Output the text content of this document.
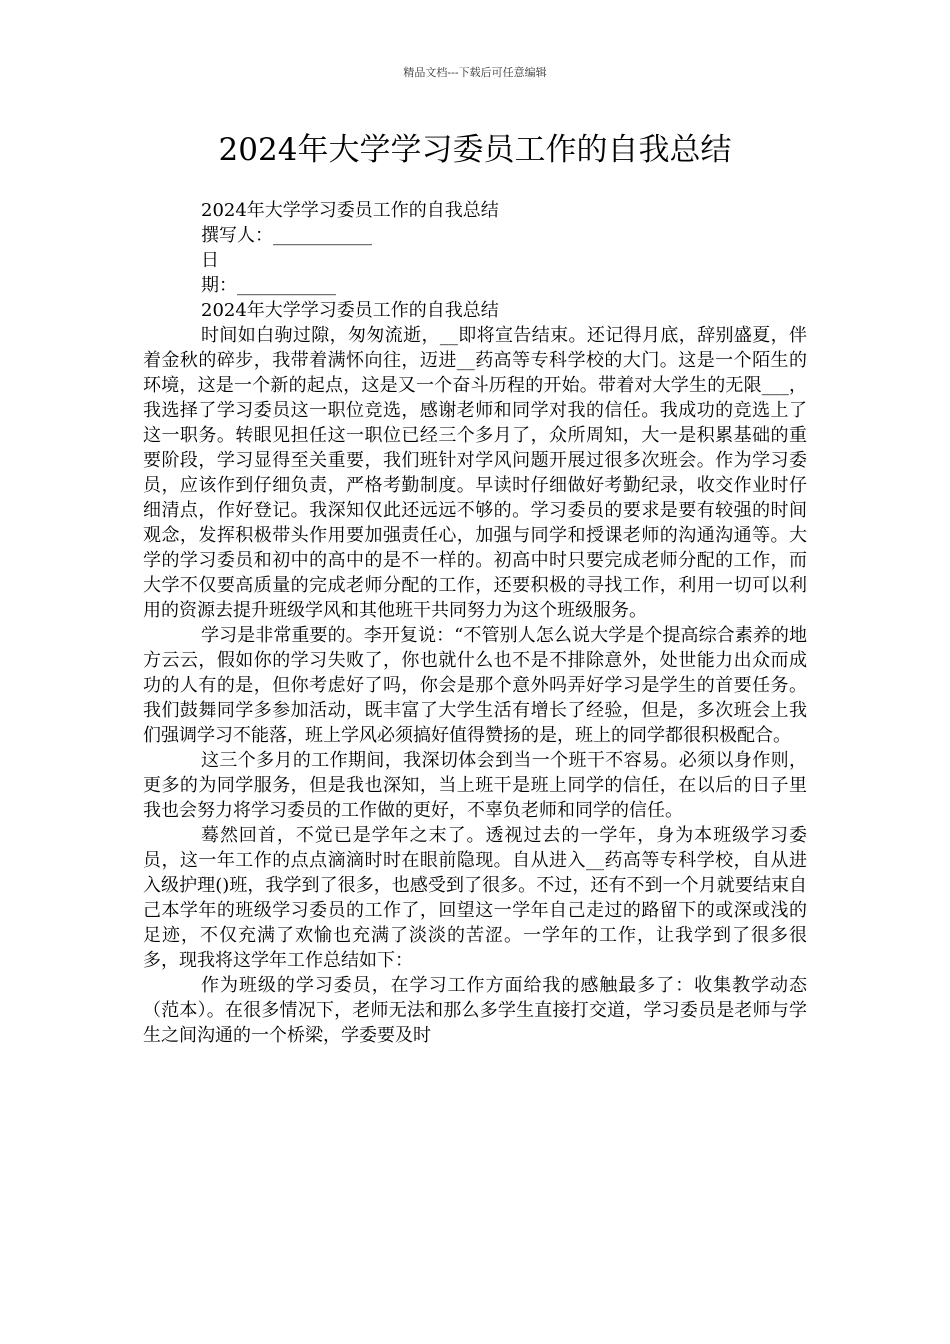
精品文档---下载后可任意编辑
2024年大学学习委员工作的自我总结
2024年大学学习委员工作的自我总结
撰写人：___________
日
期：___________
2024年大学学习委员工作的自我总结

时间如白驹过隙，匆匆流逝，__即将宣告结束。还记得月底，辞别盛夏，伴着金秋的碎步，我带着满怀向往，迈进__药高等专科学校的大门。这是一个陌生的环境，这是一个新的起点，这是又一个奋斗历程的开始。带着对大学生的无限___，我选择了学习委员这一职位竞选，感谢老师和同学对我的信任。我成功的竞选上了这一职务。转眼见担任这一职位已经三个多月了，众所周知，大一是积累基础的重要阶段，学习显得至关重要，我们班针对学风问题开展过很多次班会。作为学习委员，应该作到仔细负责，严格考勤制度。早读时仔细做好考勤纪录，收交作业时仔细清点，作好登记。我深知仅此还远远不够的。学习委员的要求是要有较强的时间观念，发挥积极带头作用要加强责任心，加强与同学和授课老师的沟通沟通等。大学的学习委员和初中的高中的是不一样的。初高中时只要完成老师分配的工作，而大学不仅要高质量的完成老师分配的工作，还要积极的寻找工作，利用一切可以利用的资源去提升班级学风和其他班干共同努力为这个班级服务。

学习是非常重要的。李开复说：“不管别人怎么说大学是个提高综合素养的地方云云，假如你的学习失败了，你也就什么也不是不排除意外，处世能力出众而成功的人有的是，但你考虑好了吗，你会是那个意外吗弄好学习是学生的首要任务。我们鼓舞同学多参加活动，既丰富了大学生活有增长了经验，但是，多次班会上我们强调学习不能落，班上学风必须搞好值得赞扬的是，班上的同学都很积极配合。

这三个多月的工作期间，我深切体会到当一个班干不容易。必须以身作则，更多的为同学服务，但是我也深知，当上班干是班上同学的信任，在以后的日子里我也会努力将学习委员的工作做的更好，不辜负老师和同学的信任。

蓦然回首，不觉已是学年之末了。透视过去的一学年，身为本班级学习委员，这一年工作的点点滴滴时时在眼前隐现。自从进入__药高等专科学校，自从进入级护理()班，我学到了很多，也感受到了很多。不过，还有不到一个月就要结束自己本学年的班级学习委员的工作了，回望这一学年自己走过的路留下的或深或浅的足迹，不仅充满了欢愉也充满了淡淡的苦涩。一学年的工作，让我学到了很多很多，现我将这学年工作总结如下：

作为班级的学习委员，在学习工作方面给我的感触最多了：收集教学动态（范本）。在很多情况下，老师无法和那么多学生直接打交道，学习委员是老师与学生之间沟通的一个桥梁，学委要及时
